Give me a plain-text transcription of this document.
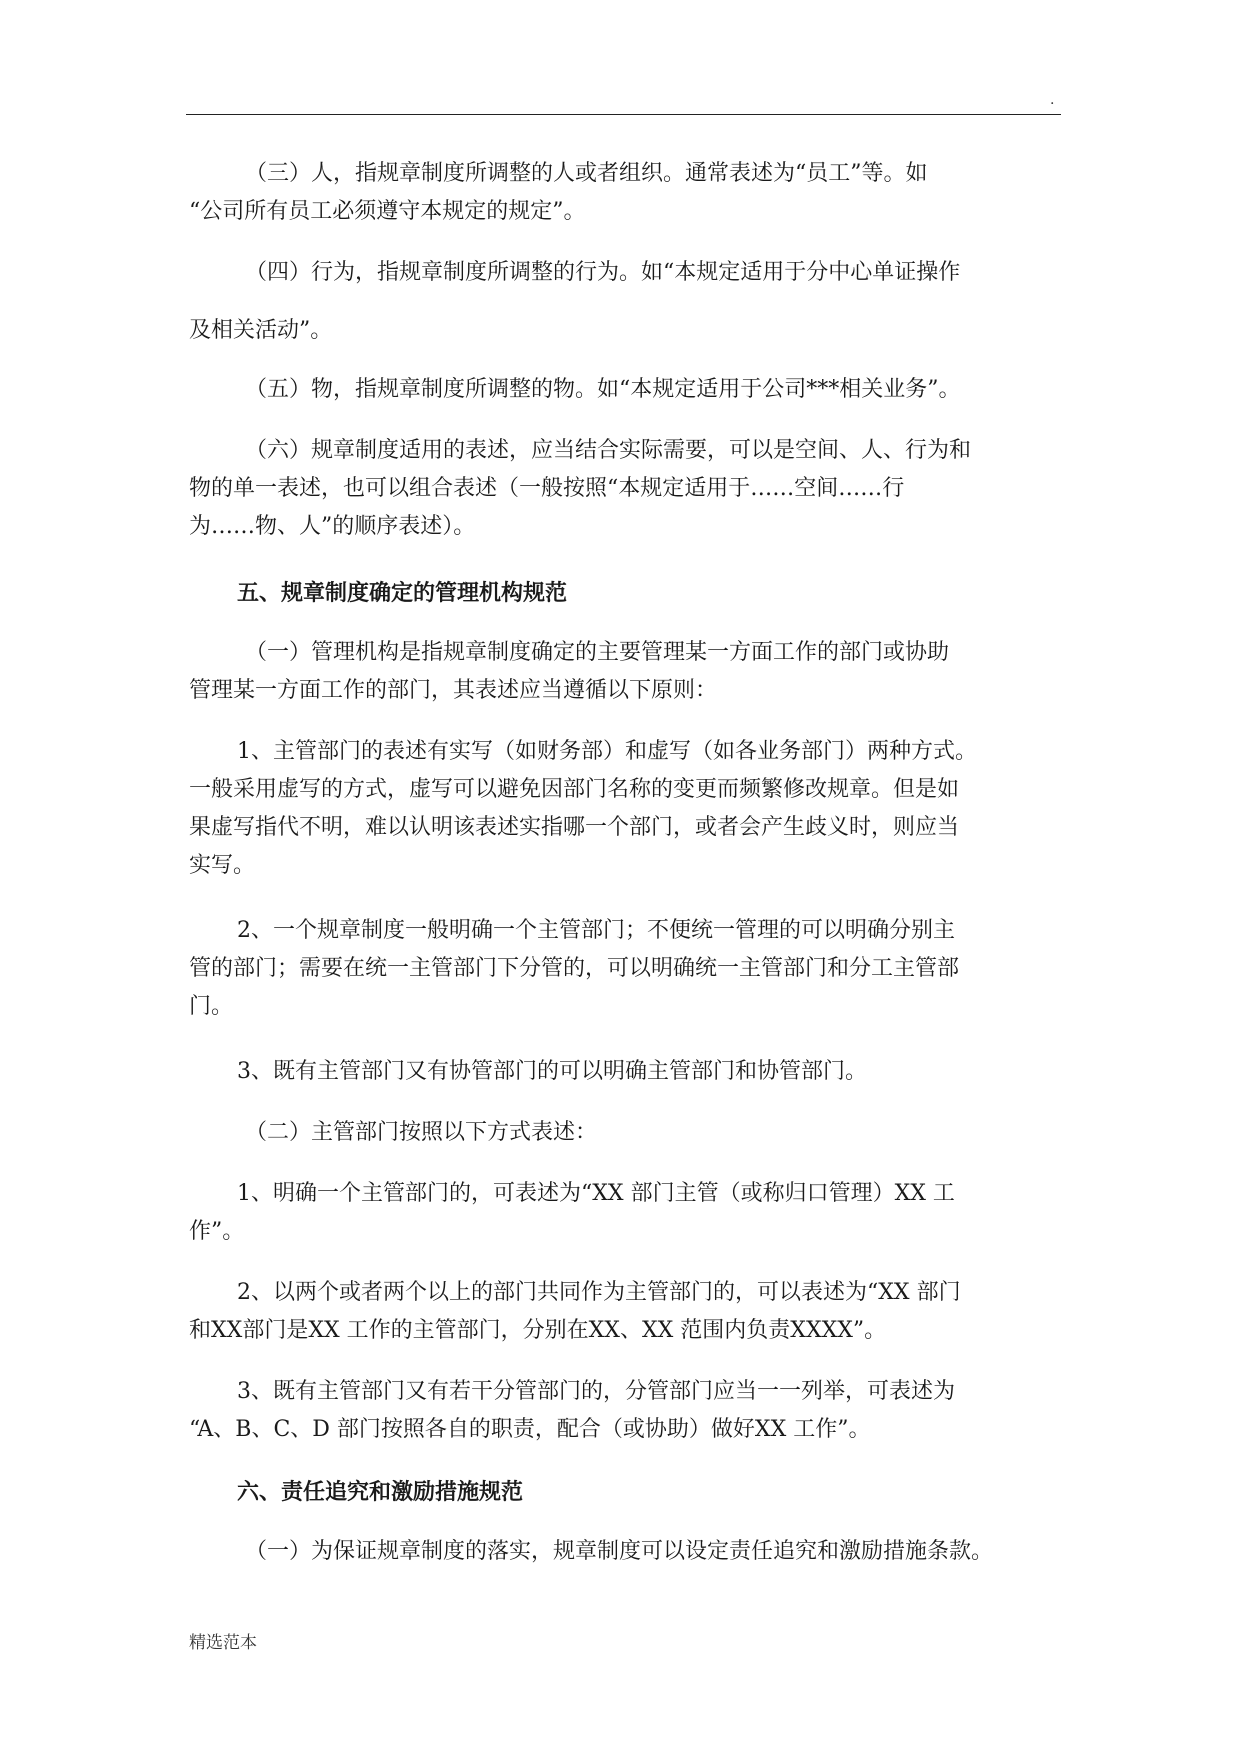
.
（三）人，指规章制度所调整的人或者组织。通常表述为“员工”等。如
“公司所有员工必须遵守本规定的规定”。
（四）行为，指规章制度所调整的行为。如“本规定适用于分中心单证操作
及相关活动”。
（五）物，指规章制度所调整的物。如“本规定适用于公司***相关业务”。
（六）规章制度适用的表述，应当结合实际需要，可以是空间、人、行为和
物的单一表述，也可以组合表述（一般按照“本规定适用于……空间……行
为……物、人”的顺序表述）。
五、规章制度确定的管理机构规范
（一）管理机构是指规章制度确定的主要管理某一方面工作的部门或协助
管理某一方面工作的部门，其表述应当遵循以下原则：
1、主管部门的表述有实写（如财务部）和虚写（如各业务部门）两种方式。
一般采用虚写的方式，虚写可以避免因部门名称的变更而频繁修改规章。但是如
果虚写指代不明，难以认明该表述实指哪一个部门，或者会产生歧义时，则应当
实写。
2、一个规章制度一般明确一个主管部门；不便统一管理的可以明确分别主
管的部门；需要在统一主管部门下分管的，可以明确统一主管部门和分工主管部
门。
3、既有主管部门又有协管部门的可以明确主管部门和协管部门。
（二）主管部门按照以下方式表述：
1、明确一个主管部门的，可表述为“XX 部门主管（或称归口管理）XX 工
作”。
2、以两个或者两个以上的部门共同作为主管部门的，可以表述为“XX 部门
和XX部门是XX 工作的主管部门，分别在XX、XX 范围内负责XXXX”。
3、既有主管部门又有若干分管部门的，分管部门应当一一列举，可表述为
“A、B、C、D 部门按照各自的职责，配合（或协助）做好XX 工作”。
六、责任追究和激励措施规范
（一）为保证规章制度的落实，规章制度可以设定责任追究和激励措施条款。
精选范本
